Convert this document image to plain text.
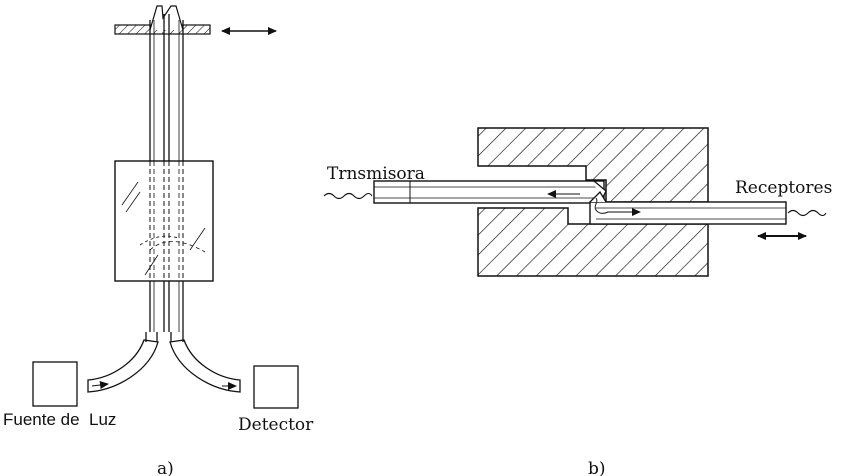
Fuente de  Luz	Detector
a)
Trnsmisora
Receptores
b)
